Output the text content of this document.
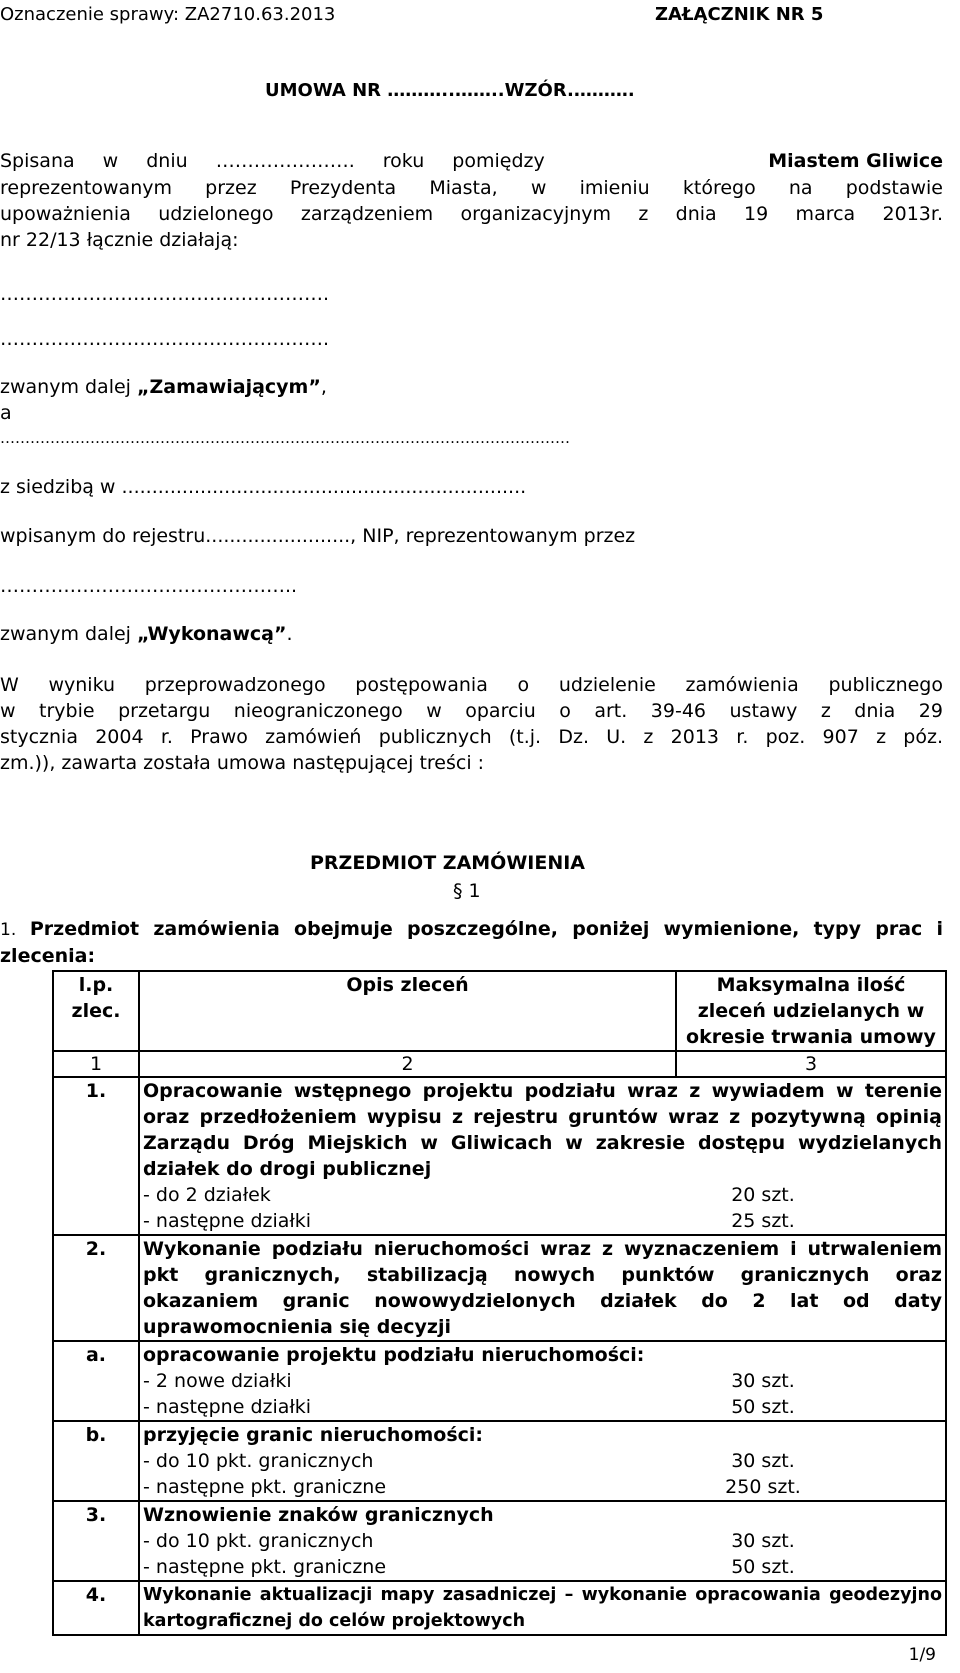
Oznaczenie sprawy: ZA2710.63.2013	ZAŁĄCZNIK NR 5
UMOWA NR ………..……..WZÓR.……….
Spisana w dniu …………………. roku pomiędzy	Miastem Gliwice
reprezentowanym przez Prezydenta Miasta, w imieniu którego na podstawie
upoważnienia udzielonego zarządzeniem organizacyjnym z dnia 19 marca 2013r.
nr 22/13 łącznie działają:
…………………………………………….
…………………………………………….
zwanym dalej „Zamawiającym”,
a
……………………………………………………………………………………………………
z siedzibą w ...................................................................
wpisanym do rejestru........................, NIP, reprezentowanym przez
………………………………………..
zwanym dalej „Wykonawcą”.
W wyniku przeprowadzonego postępowania o udzielenie zamówienia publicznego
w trybie przetargu nieograniczonego w oparciu o art. 39-46 ustawy z dnia 29
stycznia 2004 r. Prawo zamówień publicznych (t.j. Dz. U. z 2013 r. poz. 907 z póz.
zm.)), zawarta została umowa następującej treści :
PRZEDMIOT ZAMÓWIENIA
§ 1
1. Przedmiot zamówienia obejmuje poszczególne, poniżej wymienione, typy prac i zlecenia:
l.p. zlec.	Opis zleceń	Maksymalna ilość zleceń udzielanych w okresie trwania umowy
1	2	3
1.	Opracowanie wstępnego projektu podziału wraz z wywiadem w terenie oraz przedłożeniem wypisu z rejestru gruntów wraz z pozytywną opinią Zarządu Dróg Miejskich w Gliwicach w zakresie dostępu wydzielanych działek do drogi publicznej
- do 2 działek 20 szt.
- następne działki 25 szt.	

2.	Wykonanie podziału nieruchomości wraz z wyznaczeniem i utrwaleniem pkt granicznych, stabilizacją nowych punktów granicznych oraz okazaniem granic nowowydzielonych działek do 2 lat od daty uprawomocnienia się decyzji	

a.	opracowanie projektu podziału nieruchomości:
- 2 nowe działki 30 szt.
- następne działki 50 szt.	

b.	przyjęcie granic nieruchomości:
- do 10 pkt. granicznych 30 szt.
- następne pkt. graniczne 250 szt.	

3.	Wznowienie znaków granicznych
- do 10 pkt. granicznych 30 szt.
- następne pkt. graniczne 50 szt.	

4.	Wykonanie aktualizacji mapy zasadniczej – wykonanie opracowania geodezyjno kartograficznej do celów projektowych	
1/9
